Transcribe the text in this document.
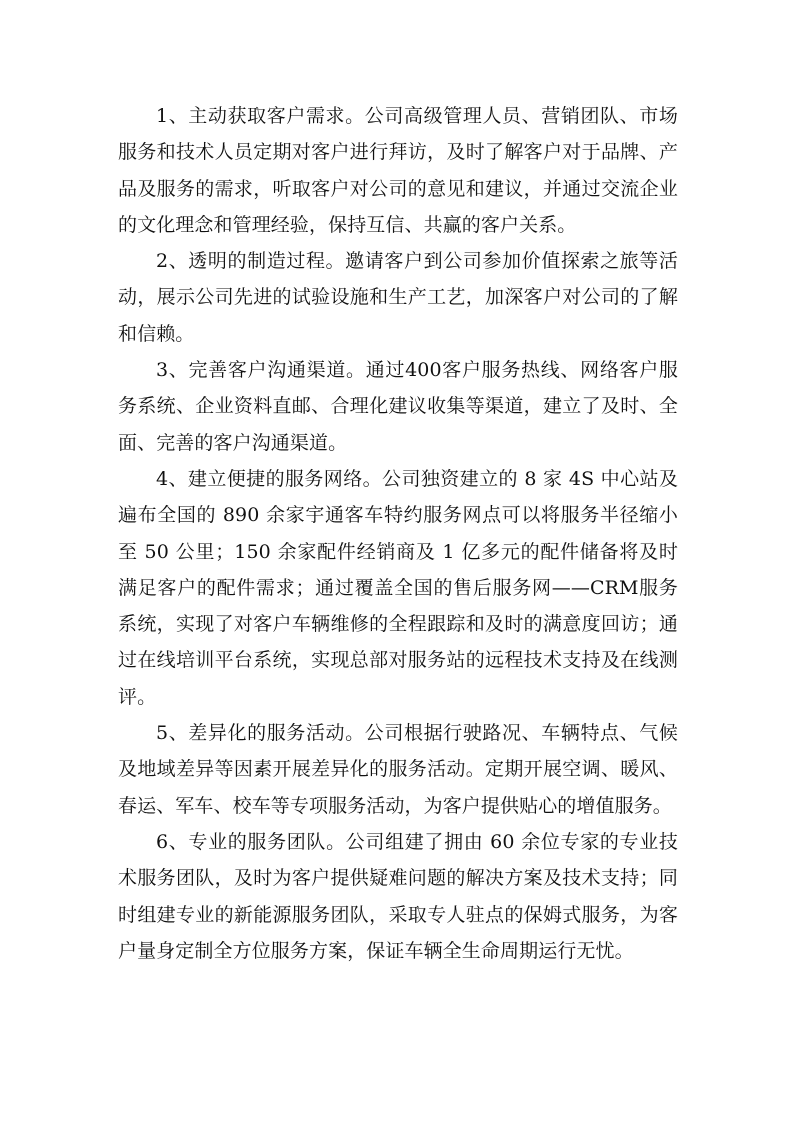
1、主动获取客户需求。公司高级管理人员、营销团队、市场服务和技术人员定期对客户进行拜访，及时了解客户对于品牌、产品及服务的需求，听取客户对公司的意见和建议，并通过交流企业的文化理念和管理经验，保持互信、共赢的客户关系。

2、透明的制造过程。邀请客户到公司参加价值探索之旅等活动，展示公司先进的试验设施和生产工艺，加深客户对公司的了解和信赖。

3、完善客户沟通渠道。通过400客户服务热线、网络客户服务系统、企业资料直邮、合理化建议收集等渠道，建立了及时、全面、完善的客户沟通渠道。

4、建立便捷的服务网络。公司独资建立的 8 家 4S 中心站及遍布全国的 890 余家宇通客车特约服务网点可以将服务半径缩小至 50 公里；150 余家配件经销商及 1 亿多元的配件储备将及时满足客户的配件需求；通过覆盖全国的售后服务网——CRM服务系统，实现了对客户车辆维修的全程跟踪和及时的满意度回访；通过在线培训平台系统，实现总部对服务站的远程技术支持及在线测评。

5、差异化的服务活动。公司根据行驶路况、车辆特点、气候及地域差异等因素开展差异化的服务活动。定期开展空调、暖风、春运、军车、校车等专项服务活动，为客户提供贴心的增值服务。

6、专业的服务团队。公司组建了拥由 60 余位专家的专业技术服务团队，及时为客户提供疑难问题的解决方案及技术支持；同时组建专业的新能源服务团队，采取专人驻点的保姆式服务，为客户量身定制全方位服务方案，保证车辆全生命周期运行无忧。
